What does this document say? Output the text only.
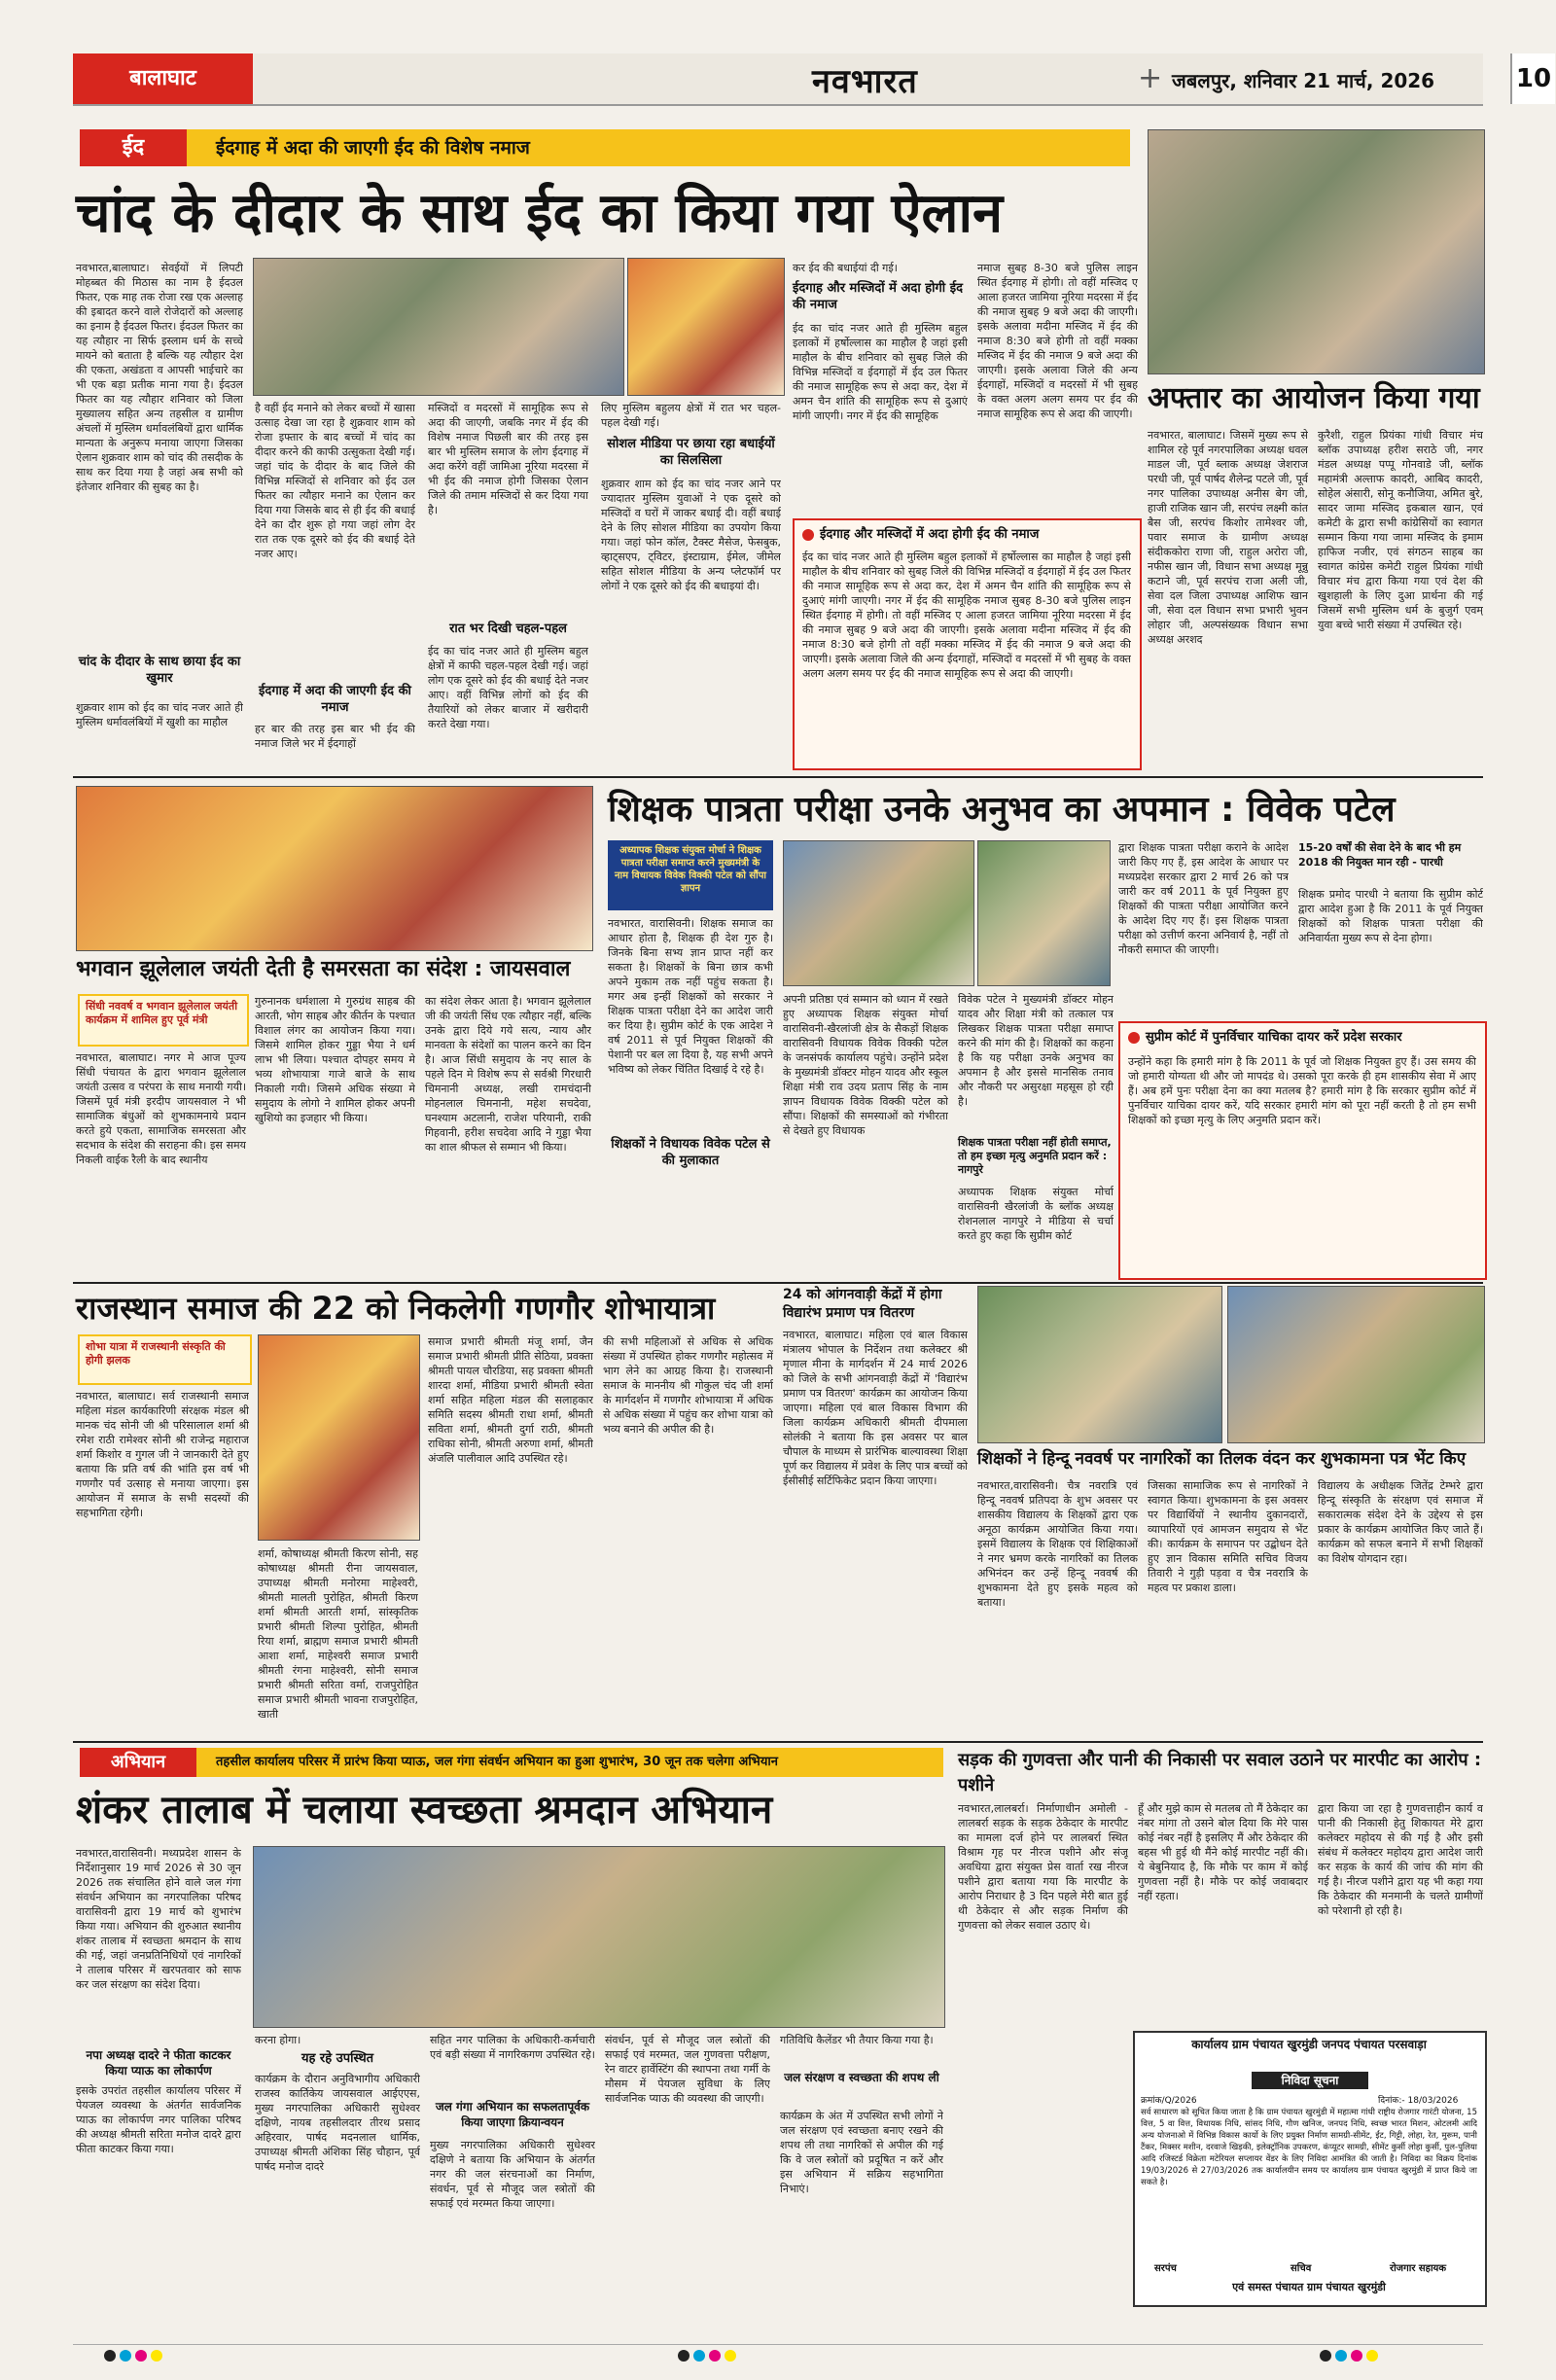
बालाघाट	नवभारत	+ जबलपुर, शनिवार 21 मार्च, 2026	10
ईद	ईदगाह में अदा की जाएगी ईद की विशेष नमाज
चांद के दीदार के साथ ईद का किया गया ऐलान
नवभारत,बालाघाट। सेवईयों में लिपटी मोहब्बत की मिठास का नाम है ईदउल फितर, एक माह तक रोजा रख एक अल्लाह की इबादत करने वाले रोजेदारों को अल्लाह का इनाम है ईदउल फितर। ईदउल फितर का यह त्यौहार ना सिर्फ इस्लाम धर्म के सच्चे मायने को बताता है बल्कि यह त्यौहार देश की एकता, अखंडता व आपसी भाईचारे का भी एक बड़ा प्रतीक माना गया है। ईदउल फितर का यह त्यौहार शनिवार को जिला मुख्यालय सहित अन्य तहसील व ग्रामीण अंचलों में मुस्लिम धर्मावलंबियों द्वारा धार्मिक मान्यता के अनुरूप मनाया जाएगा जिसका ऐलान शुक्रवार शाम को चांद की तसदीक के साथ कर दिया गया है जहां अब सभी को इंतेजार शनिवार की सुबह का है।
चांद के दीदार के साथ छाया ईद का खुमार
शुक्रवार शाम को ईद का चांद नजर आते ही मुस्लिम धर्मावलंबियों में खुशी का माहौल
है वहीं ईद मनाने को लेकर बच्चों में खासा उत्साह देखा जा रहा है शुक्रवार शाम को रोजा इफ्तार के बाद बच्चों में चांद का दीदार करने की काफी उत्सुकता देखी गई। जहां चांद के दीदार के बाद जिले की विभिन्न मस्जिदों से शनिवार को ईद उल फितर का त्यौहार मनाने का ऐलान कर दिया गया जिसके बाद से ही ईद की बधाई देने का दौर शुरू हो गया जहां लोग देर रात तक एक दूसरे को ईद की बधाई देते नजर आए।
ईदगाह में अदा की जाएगी ईद की नमाज
हर बार की तरह इस बार भी ईद की नमाज जिले भर में ईदगाहों
मस्जिदों व मदरसों में सामूहिक रूप से अदा की जाएगी, जबकि नगर में ईद की विशेष नमाज पिछली बार की तरह इस बार भी मुस्लिम समाज के लोग ईदगाह में अदा करेंगे वहीं जामिआ नूरिया मदरसा में भी ईद की नमाज होगी जिसका ऐलान जिले की तमाम मस्जिदों से कर दिया गया है।
रात भर दिखी चहल-पहल
ईद का चांद नजर आते ही मुस्लिम बहुल क्षेत्रों में काफी चहल-पहल देखी गई। जहां लोग एक दूसरे को ईद की बधाई देते नजर आए। वहीं विभिन्न लोगों को ईद की तैयारियों को लेकर बाजार में खरीदारी करते देखा गया।
लिए मुस्लिम बहुलय क्षेत्रों में रात भर चहल-पहल देखी गई।
सोशल मीडिया पर छाया रहा बधाईयों का सिलसिला
शुक्रवार शाम को ईद का चांद नजर आने पर ज्यादातर मुस्लिम युवाओं ने एक दूसरे को मस्जिदों व घरों में जाकर बधाई दी। वहीं बधाई देने के लिए सोशल मीडिया का उपयोग किया गया। जहां फोन कॉल, टैक्स्ट मैसेज, फेसबुक, व्हाट्सएप, ट्विटर, इंस्टाग्राम, ईमेल, जीमेल सहित सोशल मीडिया के अन्य प्लेटफॉर्म पर लोगों ने एक दूसरे को ईद की बधाइयां दी।
कर ईद की बधाईयां दी गई।
ईदगाह और मस्जिदों में अदा होगी ईद की नमाज
ईद का चांद नजर आते ही मुस्लिम बहुल इलाकों में हर्षोल्लास का माहौल है जहां इसी माहौल के बीच शनिवार को सुबह जिले की विभिन्न मस्जिदों व ईदगाहों में ईद उल फितर की नमाज सामूहिक रूप से अदा कर, देश में अमन चैन शांति की सामूहिक रूप से दुआएं मांगी जाएगी। नगर में ईद की सामूहिक
नमाज सुबह 8-30 बजे पुलिस लाइन स्थित ईदगाह में होगी। तो वहीं मस्जिद ए आला हजरत जामिया नूरिया मदरसा में ईद की नमाज सुबह 9 बजे अदा की जाएगी। इसके अलावा मदीना मस्जिद में ईद की नमाज 8:30 बजे होगी तो वहीं मक्का मस्जिद में ईद की नमाज 9 बजे अदा की जाएगी। इसके अलावा जिले की अन्य ईदगाहों, मस्जिदों व मदरसों में भी सुबह के वक्त अलग अलग समय पर ईद की नमाज सामूहिक रूप से अदा की जाएगी।
ईदगाह और मस्जिदों में अदा होगी ईद की नमाज
ईद का चांद नजर आते ही मुस्लिम बहुल इलाकों में हर्षोल्लास का माहौल है जहां इसी माहौल के बीच शनिवार को सुबह जिले की विभिन्न मस्जिदों व ईदगाहों में ईद उल फितर की नमाज सामूहिक रूप से अदा कर, देश में अमन चैन शांति की सामूहिक रूप से दुआएं मांगी जाएगी। नगर में ईद की सामूहिक नमाज सुबह 8-30 बजे पुलिस लाइन स्थित ईदगाह में होगी। तो वहीं मस्जिद ए आला हजरत जामिया नूरिया मदरसा में ईद की नमाज सुबह 9 बजे अदा की जाएगी। इसके अलावा मदीना मस्जिद में ईद की नमाज 8:30 बजे होगी तो वहीं मक्का मस्जिद में ईद की नमाज 9 बजे अदा की जाएगी। इसके अलावा जिले की अन्य ईदगाहों, मस्जिदों व मदरसों में भी सुबह के वक्त अलग अलग समय पर ईद की नमाज सामूहिक रूप से अदा की जाएगी।
अफ्तार का आयोजन किया गया
नवभारत, बालाघाट। जिसमें मुख्य रूप से शामिल रहे पूर्व नगरपालिका अध्यक्ष धवल माडल जी, पूर्व ब्लाक अध्यक्ष जेशराज परधी जी, पूर्व पार्षद शैलेन्द्र पटले जी, पूर्व नगर पालिका उपाध्यक्ष अनीस बेग जी, हाजी राजिक खान जी, सरपंच लक्ष्मी कांत बैस जी, सरपंच किशोर तामेश्वर जी, पवार समाज के ग्रामीण अध्यक्ष संदीककोरा राणा जी, राहुल अरोरा जी, नफीस खान जी, विधान सभा अध्यक्ष मून्नु कटाने जी, पूर्व सरपंच राजा अली जी, सेवा दल जिला उपाध्यक्ष आशिफ खान जी, सेवा दल विधान सभा प्रभारी भुवन लोहार जी, अल्पसंख्यक विधान सभा अध्यक्ष अरशद
कुरैशी, राहुल प्रियंका गांधी विचार मंच ब्लॉक उपाध्यक्ष हरीश सराठे जी, नगर मंडल अध्यक्ष पप्पू गोनवाडे जी, ब्लॉक महामंत्री अल्ताफ कादरी, आबिद कादरी, सोहेल अंसारी, सोनू कनौजिया, अमित बुरे, सादर जामा मस्जिद इकबाल खान, एवं कमेटी के द्वारा सभी कांग्रेसियों का स्वागत सम्मान किया गया जामा मस्जिद के इमाम हाफिज नजीर, एवं संगठन साहब का स्वागत कांग्रेस कमेटी राहुल प्रियंका गांधी विचार मंच द्वारा किया गया एवं देश की खुशहाली के लिए दुआ प्रार्थना की गई जिसमें सभी मुस्लिम धर्म के बुजुर्ग एवम् युवा बच्चे भारी संख्या में उपस्थित रहे।
भगवान झूलेलाल जयंती देती है समरसता का संदेश : जायसवाल
सिंधी नववर्ष व भगवान झूलेलाल जयंती कार्यक्रम में शामिल हुए पूर्व मंत्री
नवभारत, बालाघाट। नगर मे आज पूज्य सिंधी पंचायत के द्वारा भगवान झूलेलाल जयंती उत्सव व परंपरा के साथ मनायी गयी। जिसमें पूर्व मंत्री इरदीप जायसवाल ने भी सामाजिक बंधुओं को शुभकामनाये प्रदान करते हुये एकता, सामाजिक समरसता और सदभाव के संदेश की सराहना की। इस समय निकली वाईक रैली के बाद स्थानीय
गुरुनानक धर्मशाला मे गुरुग्रंथ साहब की आरती, भोग साहब और कीर्तन के पश्चात विशाल लंगर का आयोजन किया गया। जिसमे शामिल होकर गुड्डा भैया ने धर्म लाभ भी लिया। पश्चात दोपहर समय मे भव्य शोभायात्रा गाजे बाजे के साथ निकाली गयी। जिसमे अधिक संख्या मे समुदाय के लोगो ने शामिल होकर अपनी खुशियो का इजहार भी किया।
का संदेश लेकर आता है। भगवान झूलेलाल जी की जयंती सिंध एक त्यौहार नहीं, बल्कि उनके द्वारा दिये गये सत्य, न्याय और मानवता के संदेशों का पालन करने का दिन है। आज सिंधी समुदाय के नए साल के पहले दिन मे विशेष रूप से सर्वश्री गिरधारी चिमनानी अध्यक्ष, लखी रामचंदानी मोहनलाल चिमनानी, महेश सचदेवा, घनश्याम अटलानी, राजेश परियानी, राकी गिहवानी, हरीश सचदेवा आदि ने गुड्डा भैया का शाल श्रीफल से सम्मान भी किया।
शिक्षक पात्रता परीक्षा उनके अनुभव का अपमान : विवेक पटेल
अध्यापक शिक्षक संयुक्त मोर्चा ने शिक्षक पात्रता परीक्षा समाप्त करने मुख्यमंत्री के नाम विधायक विवेक विक्की पटेल को सौंपा ज्ञापन
नवभारत, वारासिवनी। शिक्षक समाज का आधार होता है, शिक्षक ही देश गुरु है। जिनके बिना सभ्य ज्ञान प्राप्त नहीं कर सकता है। शिक्षकों के बिना छात्र कभी अपने मुकाम तक नहीं पहुंच सकता है। मगर अब इन्हीं शिक्षकों को सरकार ने शिक्षक पात्रता परीक्षा देने का आदेश जारी कर दिया है। सुप्रीम कोर्ट के एक आदेश ने वर्ष 2011 से पूर्व नियुक्त शिक्षकों की पेशानी पर बल ला दिया है, यह सभी अपने भविष्य को लेकर चिंतित दिखाई दे रहे है।
शिक्षकों ने विधायक विवेक पटेल से की मुलाकात
अपनी प्रतिष्ठा एवं सम्मान को ध्यान में रखते हुए अध्यापक शिक्षक संयुक्त मोर्चा वारासिवनी-खैरलांजी क्षेत्र के सैकड़ों शिक्षक वारासिवनी विधायक विवेक विक्की पटेल के जनसंपर्क कार्यालय पहुंचे। उन्होंने प्रदेश के मुख्यमंत्री डॉक्टर मोहन यादव और स्कूल शिक्षा मंत्री राव उदय प्रताप सिंह के नाम ज्ञापन विधायक विवेक विक्की पटेल को सौंपा। शिक्षकों की समस्याओं को गंभीरता से देखते हुए विधायक
विवेक पटेल ने मुख्यमंत्री डॉक्टर मोहन यादव और शिक्षा मंत्री को तत्काल पत्र लिखकर शिक्षक पात्रता परीक्षा समाप्त करने की मांग की है। शिक्षकों का कहना है कि यह परीक्षा उनके अनुभव का अपमान है और इससे मानसिक तनाव और नौकरी पर असुरक्षा महसूस हो रही है।
शिक्षक पात्रता परीक्षा नहीं होती समाप्त, तो हम इच्छा मृत्यु अनुमति प्रदान करें : नागपुरे
अध्यापक शिक्षक संयुक्त मोर्चा वारासिवनी खैरलांजी के ब्लॉक अध्यक्ष रोशनलाल नागपुरे ने मीडिया से चर्चा करते हुए कहा कि सुप्रीम कोर्ट
द्वारा शिक्षक पात्रता परीक्षा कराने के आदेश जारी किए गए हैं, इस आदेश के आधार पर मध्यप्रदेश सरकार द्वारा 2 मार्च 26 को पत्र जारी कर वर्ष 2011 के पूर्व नियुक्त हुए शिक्षकों की पात्रता परीक्षा आयोजित करने के आदेश दिए गए हैं। इस शिक्षक पात्रता परीक्षा को उत्तीर्ण करना अनिवार्य है, नहीं तो नौकरी समाप्त की जाएगी।
15-20 वर्षों की सेवा देने के बाद भी हम 2018 की नियुक्त मान रही - पारधी
शिक्षक प्रमोद पारधी ने बताया कि सुप्रीम कोर्ट द्वारा आदेश हुआ है कि 2011 के पूर्व नियुक्त शिक्षकों को शिक्षक पात्रता परीक्षा की अनिवार्यता मुख्य रूप से देना होगा।
सुप्रीम कोर्ट में पुनर्विचार याचिका दायर करें प्रदेश सरकार
उन्होंने कहा कि हमारी मांग है कि 2011 के पूर्व जो शिक्षक नियुक्त हुए हैं। उस समय की जो हमारी योग्यता थी और जो मापदंड थे। उसको पूरा करके ही हम शासकीय सेवा में आए हैं। अब हमें पुनः परीक्षा देना का क्या मतलब है? हमारी मांग है कि सरकार सुप्रीम कोर्ट में पुनर्विचार याचिका दायर करें, यदि सरकार हमारी मांग को पूरा नहीं करती है तो हम सभी शिक्षकों को इच्छा मृत्यु के लिए अनुमति प्रदान करें।
राजस्थान समाज की 22 को निकलेगी गणगौर शोभायात्रा
शोभा यात्रा में राजस्थानी संस्कृति की होगी झलक
नवभारत, बालाघाट। सर्व राजस्थानी समाज महिला मंडल कार्यकारिणी संरक्षक मंडल श्री मानक चंद सोनी जी श्री परिसालाल शर्मा श्री रमेश राठी रामेश्वर सोनी श्री राजेन्द्र महाराज शर्मा किशोर व गुगल जी ने जानकारी देते हुए बताया कि प्रति वर्ष की भांति इस वर्ष भी गणगौर पर्व उत्साह से मनाया जाएगा। इस आयोजन में समाज के सभी सदस्यों की सहभागिता रहेगी।
शर्मा, कोषाध्यक्ष श्रीमती किरण सोनी, सह कोषाध्यक्ष श्रीमती रीना जायसवाल, उपाध्यक्ष श्रीमती मनोरमा माहेश्वरी, श्रीमती मालती पुरोहित, श्रीमती किरण शर्मा श्रीमती आरती शर्मा, सांस्कृतिक प्रभारी श्रीमती शिल्पा पुरोहित, श्रीमती रिया शर्मा, ब्राह्मण समाज प्रभारी श्रीमती आशा शर्मा, माहेश्वरी समाज प्रभारी श्रीमती रंगना माहेश्वरी, सोनी समाज प्रभारी श्रीमती सरिता वर्मा, राजपुरोहित समाज प्रभारी श्रीमती भावना राजपुरोहित, खाती
समाज प्रभारी श्रीमती मंजू शर्मा, जैन समाज प्रभारी श्रीमती प्रीति सेठिया, प्रवक्ता श्रीमती पायल चौरडिया, सह प्रवक्ता श्रीमती शारदा शर्मा, मीडिया प्रभारी श्रीमती स्वेता शर्मा सहित महिला मंडल की सलाहकार समिति सदस्य श्रीमती राधा शर्मा, श्रीमती सविता शर्मा, श्रीमती दुर्गा राठी, श्रीमती राधिका सोनी, श्रीमती अरुणा शर्मा, श्रीमती अंजलि पालीवाल आदि उपस्थित रहे।
की सभी महिलाओं से अधिक से अधिक संख्या में उपस्थित होकर गणगौर महोत्सव में भाग लेने का आग्रह किया है। राजस्थानी समाज के माननीय श्री गोकुल चंद जी शर्मा के मार्गदर्शन में गणगौर शोभायात्रा में अधिक से अधिक संख्या में पहुंच कर शोभा यात्रा को भव्य बनाने की अपील की है।
24 को आंगनवाड़ी केंद्रों में होगा विद्यारंभ प्रमाण पत्र वितरण
नवभारत, बालाघाट। महिला एवं बाल विकास मंत्रालय भोपाल के निर्देशन तथा कलेक्टर श्री मृणाल मीना के मार्गदर्शन में 24 मार्च 2026 को जिले के सभी आंगनवाड़ी केंद्रों में 'विद्यारंभ प्रमाण पत्र वितरण' कार्यक्रम का आयोजन किया जाएगा। महिला एवं बाल विकास विभाग की जिला कार्यक्रम अधिकारी श्रीमती दीपमाला सोलंकी ने बताया कि इस अवसर पर बाल चौपाल के माध्यम से प्रारंभिक बाल्यावस्था शिक्षा पूर्ण कर विद्यालय में प्रवेश के लिए पात्र बच्चों को ईसीसीई सर्टिफिकेट प्रदान किया जाएगा।
शिक्षकों ने हिन्दू नववर्ष पर नागरिकों का तिलक वंदन कर शुभकामना पत्र भेंट किए
नवभारत,वारासिवनी। चैत्र नवरात्रि एवं हिन्दू नववर्ष प्रतिपदा के शुभ अवसर पर शासकीय विद्यालय के शिक्षकों द्वारा एक अनूठा कार्यक्रम आयोजित किया गया। इसमें विद्यालय के शिक्षक एवं शिक्षिकाओं ने नगर भ्रमण करके नागरिकों का तिलक अभिनंदन कर उन्हें हिन्दू नववर्ष की शुभकामना देते हुए इसके महत्व को बताया।
जिसका सामाजिक रूप से नागरिकों ने स्वागत किया। शुभकामना के इस अवसर पर विद्यार्थियों ने स्थानीय दुकानदारों, व्यापारियों एवं आमजन समुदाय से भेंट की। कार्यक्रम के समापन पर उद्बोधन देते हुए ज्ञान विकास समिति सचिव विजय तिवारी ने गुड़ी पड़वा व चैत्र नवरात्रि के महत्व पर प्रकाश डाला।
विद्यालय के अधीक्षक जितेंद्र टेम्भरे द्वारा हिन्दू संस्कृति के संरक्षण एवं समाज में सकारात्मक संदेश देने के उद्देश्य से इस प्रकार के कार्यक्रम आयोजित किए जाते हैं। कार्यक्रम को सफल बनाने में सभी शिक्षकों का विशेष योगदान रहा।
अभियान	तहसील कार्यालय परिसर में प्रारंभ किया प्याऊ, जल गंगा संवर्धन अभियान का हुआ शुभारंभ, 30 जून तक चलेगा अभियान
शंकर तालाब में चलाया स्वच्छता श्रमदान अभियान
नवभारत,वारासिवनी। मध्यप्रदेश शासन के निर्देशानुसार 19 मार्च 2026 से 30 जून 2026 तक संचालित होने वाले जल गंगा संवर्धन अभियान का नगरपालिका परिषद वारासिवनी द्वारा 19 मार्च को शुभारंभ किया गया। अभियान की शुरुआत स्थानीय शंकर तालाब में स्वच्छता श्रमदान के साथ की गई, जहां जनप्रतिनिधियों एवं नागरिकों ने तालाब परिसर में खरपतवार को साफ कर जल संरक्षण का संदेश दिया।
नपा अध्यक्ष दादरे ने फीता काटकर किया प्याऊ का लोकार्पण
इसके उपरांत तहसील कार्यालय परिसर में पेयजल व्यवस्था के अंतर्गत सार्वजनिक प्याऊ का लोकार्पण नगर पालिका परिषद की अध्यक्ष श्रीमती सरिता मनोज दादरे द्वारा फीता काटकर किया गया।
करना होगा।
यह रहे उपस्थित
कार्यक्रम के दौरान अनुविभागीय अधिकारी राजस्व कार्तिकेय जायसवाल आईएएस, मुख्य नगरपालिका अधिकारी सुधेश्वर दक्षिणे, नायब तहसीलदार तीरथ प्रसाद अहिरवार, पार्षद मदनलाल धार्मिक, उपाध्यक्ष श्रीमती अंशिका सिंह चौहान, पूर्व पार्षद मनोज दादरे
सहित नगर पालिका के अधिकारी-कर्मचारी एवं बड़ी संख्या में नागरिकगण उपस्थित रहे।
जल गंगा अभियान का सफलतापूर्वक किया जाएगा क्रियान्वयन
मुख्य नगरपालिका अधिकारी सुधेश्वर दक्षिणे ने बताया कि अभियान के अंतर्गत नगर की जल संरचनाओं का निर्माण, संवर्धन, पूर्व से मौजूद जल स्त्रोतों की सफाई एवं मरम्मत किया जाएगा।
संवर्धन, पूर्व से मौजूद जल स्त्रोतों की सफाई एवं मरम्मत, जल गुणवत्ता परीक्षण, रेन वाटर हार्वेस्टिंग की स्थापना तथा गर्मी के मौसम में पेयजल सुविधा के लिए सार्वजनिक प्याऊ की व्यवस्था की जाएगी।
गतिविधि कैलेंडर भी तैयार किया गया है।
जल संरक्षण व स्वच्छता की शपथ ली
कार्यक्रम के अंत में उपस्थित सभी लोगों ने जल संरक्षण एवं स्वच्छता बनाए रखने की शपथ ली तथा नागरिकों से अपील की गई कि वे जल स्त्रोतों को प्रदूषित न करें और इस अभियान में सक्रिय सहभागिता निभाएं।
सड़क की गुणवत्ता और पानी की निकासी पर सवाल उठाने पर मारपीट का आरोप : पशीने
नवभारत,लालबर्रा। निर्माणाधीन अमोली - लालबर्रा सड़क के सड़क ठेकेदार के मारपीट का मामला दर्ज होने पर लालबर्रा स्थित विश्राम गृह पर नीरज पशीने और संजू अवधिया द्वारा संयुक्त प्रेस वार्ता रख नीरज पशीने द्वारा बताया गया कि मारपीट के आरोप निराधार है 3 दिन पहले मेरी बात हुई थी ठेकेदार से और सड़क निर्माण की गुणवत्ता को लेकर सवाल उठाए थे।
हूँ और मुझे काम से मतलब तो मैं ठेकेदार का नंबर मांगा तो उसने बोल दिया कि मेरे पास कोई नंबर नहीं है इसलिए मैं और ठेकेदार की बहस भी हुई थी मैंने कोई मारपीट नहीं की। ये बेबुनियाद है, कि मौके पर काम में कोई गुणवत्ता नहीं है। मौके पर कोई जवाबदार नहीं रहता।
द्वारा किया जा रहा है गुणवत्ताहीन कार्य व पानी की निकासी हेतु शिकायत मेरे द्वारा कलेक्टर महोदय से की गई है और इसी संबंध में कलेक्टर महोदय द्वारा आदेश जारी कर सड़क के कार्य की जांच की मांग की गई है। नीरज पशीने द्वारा यह भी कहा गया कि ठेकेदार की मनमानी के चलते ग्रामीणों को परेशानी हो रही है।
कार्यालय ग्राम पंचायत खुरमुंडी जनपद पंचायत परसवाड़ा
निविदा सूचना
क्रमांक/Q/2026	दिनांक:- 18/03/2026
सर्व साधारण को सूचित किया जाता है कि ग्राम पंचायत खुरमुंडी में महात्मा गांधी राष्ट्रीय रोजगार गारंटी योजना, 15 वित्त, 5 वा वित्त, विधायक निधि, सांसद निधि, गौण खनिज, जनपद निधि, स्वच्छ भारत मिशन, ओटलमी आदि अन्य योजनाओ में विभिन्न विकास कार्यो के लिए प्रयुक्त निर्माण सामग्री-सीमेंट, ईंट, गिट्टी, लोहा, रेत, मुरूम, पानी टैंकर, मिक्सर मशीन, दरवाजे खिड़की, इलेक्ट्रॉनिक उपकरण, कंप्यूटर सामग्री, सीमेंट कुर्सी लोहा कुर्सी, पुल-पुलिया आदि रजिस्टर्ड विक्रेता मटेरियल सप्लायर वेंडर के लिए निविदा आमंत्रित की जाती है। निविदा का विक्रय दिनांक 19/03/2026 से 27/03/2026 तक कार्यालयीन समय पर कार्यालय ग्राम पंचायत खुरमुंडी में प्राप्त किये जा सकते है।
सरपंच	सचिव	रोजगार सहायक
एवं समस्त पंचायत ग्राम पंचायत खुरमुंडी
